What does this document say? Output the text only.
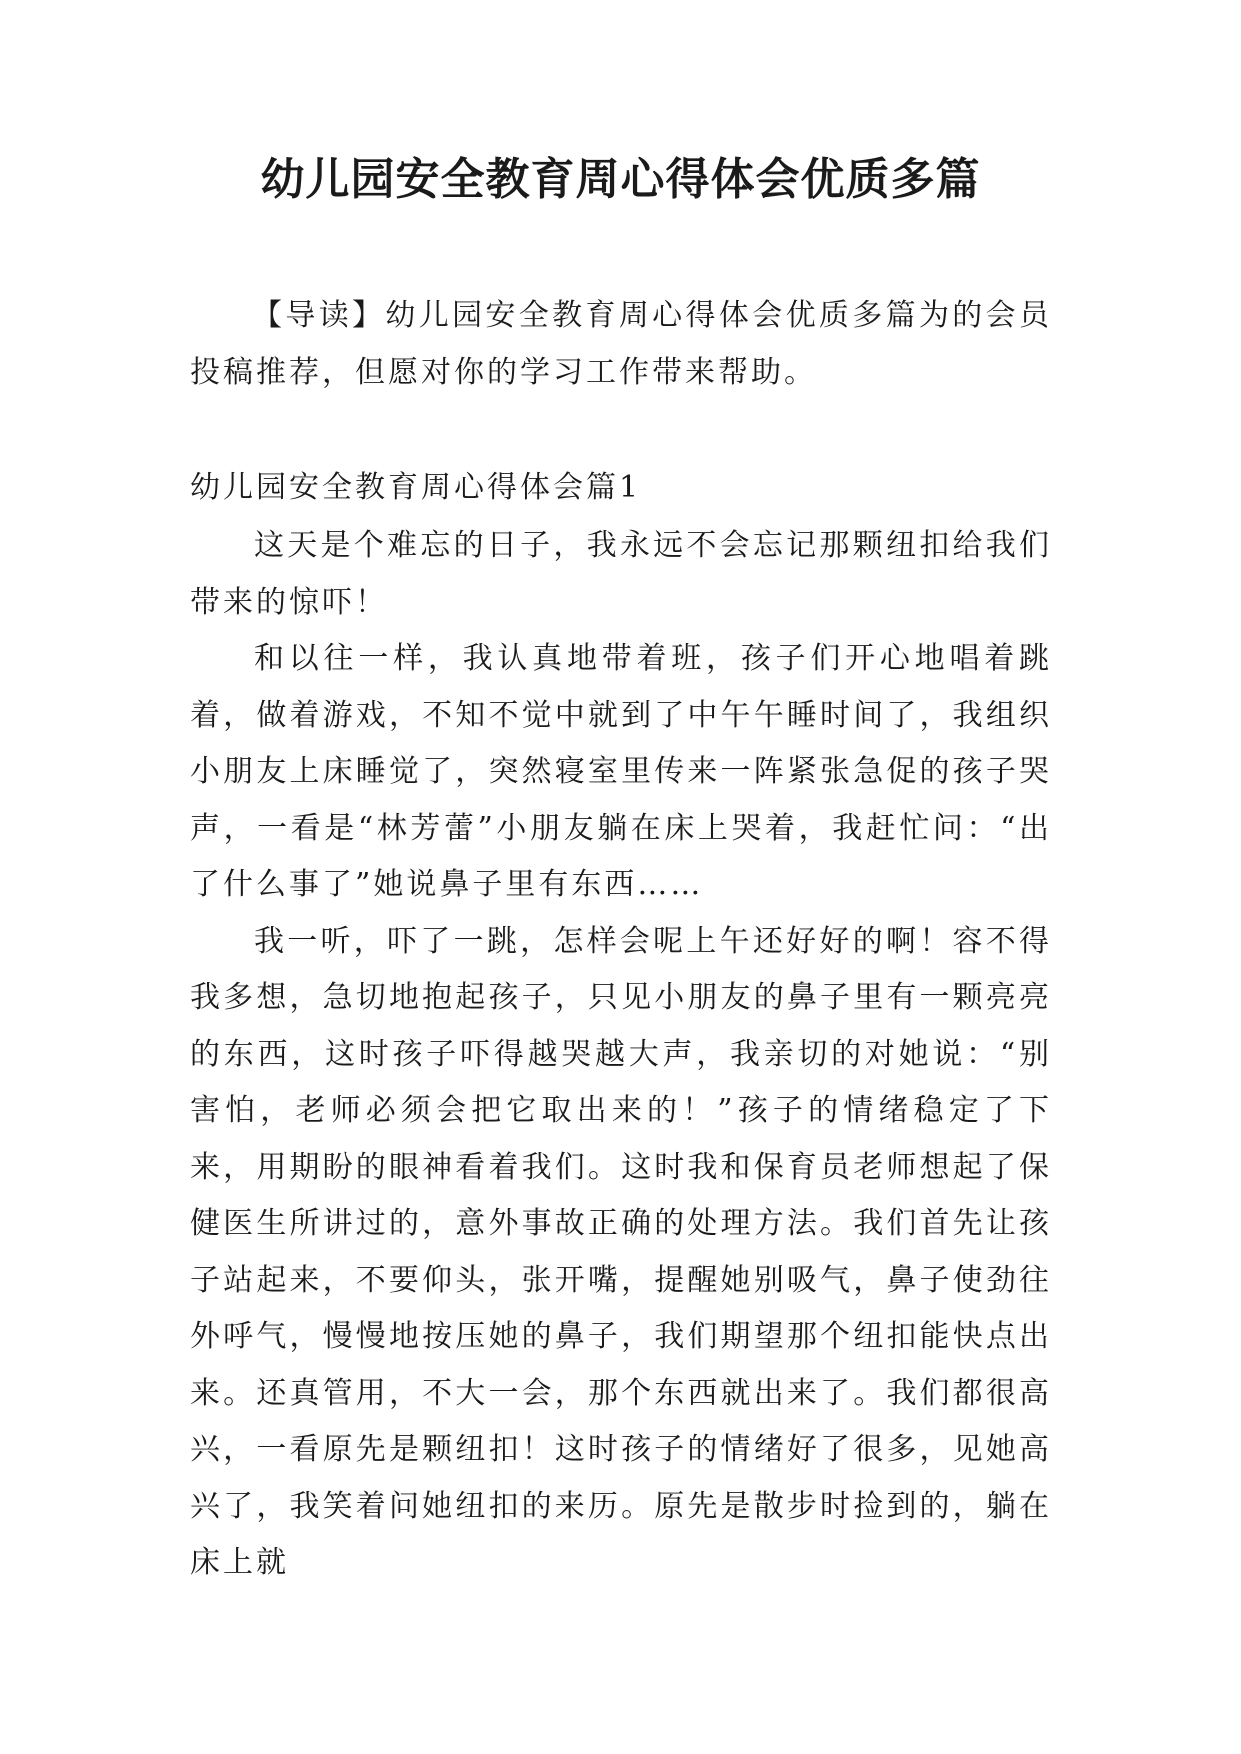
幼儿园安全教育周心得体会优质多篇

【导读】幼儿园安全教育周心得体会优质多篇为的会员投稿推荐，但愿对你的学习工作带来帮助。

幼儿园安全教育周心得体会篇1

这天是个难忘的日子，我永远不会忘记那颗纽扣给我们带来的惊吓！

和以往一样，我认真地带着班，孩子们开心地唱着跳着，做着游戏，不知不觉中就到了中午午睡时间了，我组织小朋友上床睡觉了，突然寝室里传来一阵紧张急促的孩子哭声，一看是“林芳蕾”小朋友躺在床上哭着，我赶忙问：“出了什么事了”她说鼻子里有东西……

我一听，吓了一跳，怎样会呢上午还好好的啊！容不得我多想，急切地抱起孩子，只见小朋友的鼻子里有一颗亮亮的东西，这时孩子吓得越哭越大声，我亲切的对她说：“别害怕，老师必须会把它取出来的！”孩子的情绪稳定了下来，用期盼的眼神看着我们。这时我和保育员老师想起了保健医生所讲过的，意外事故正确的处理方法。我们首先让孩子站起来，不要仰头，张开嘴，提醒她别吸气，鼻子使劲往外呼气，慢慢地按压她的鼻子，我们期望那个纽扣能快点出来。还真管用，不大一会，那个东西就出来了。我们都很高兴，一看原先是颗纽扣！这时孩子的情绪好了很多，见她高兴了，我笑着问她纽扣的来历。原先是散步时捡到的，躺在床上就
